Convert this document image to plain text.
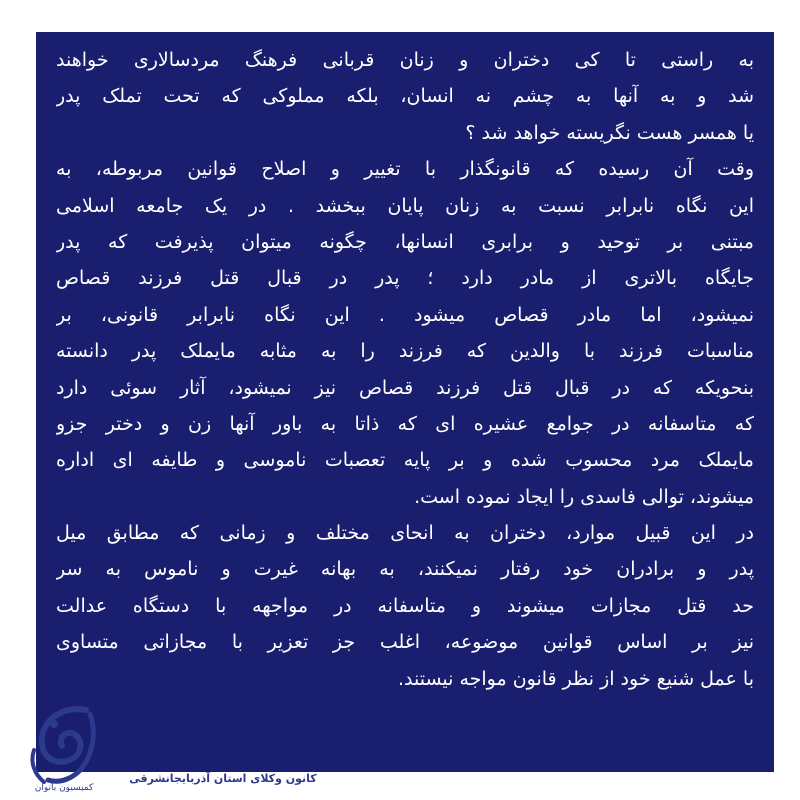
به راستی تا کی دختران و زنان قربانی فرهنگ مردسالاری خواهند
شد و به آنها به چشم نه انسان، بلکه مملوکی که تحت تملک پدر
یا همسر هست نگریسته خواهد شد ؟
وقت آن رسیده که قانونگذار با تغییر و اصلاح قوانین مربوطه، به
این نگاه نابرابر نسبت به زنان پایان ببخشد . در یک جامعه اسلامی
مبتنی بر توحید و برابری انسانها، چگونه میتوان پذیرفت که پدر
جایگاه بالاتری از مادر دارد ؛ پدر در قبال قتل فرزند قصاص
نمیشود، اما مادر قصاص میشود . این نگاه نابرابر قانونی، بر
مناسبات فرزند با والدین که فرزند را به مثابه مایملک پدر دانسته
بنحویکه که در قبال قتل فرزند قصاص نیز نمیشود، آثار سوئی دارد
که متاسفانه در جوامع عشیره ای که ذاتا به باور آنها زن و دختر جزو
مایملک مرد محسوب شده و بر پایه تعصبات ناموسی و طایفه ای اداره
میشوند، توالی فاسدی را ایجاد نموده است.
در این قبیل موارد، دختران به انحای مختلف و زمانی که مطابق میل
پدر و برادران خود رفتار نمیکنند، به بهانه غیرت و ناموس به سر
حد قتل مجازات میشوند و متاسفانه در مواجهه با دستگاه عدالت
نیز بر اساس قوانین موضوعه، اغلب جز تعزیر با مجازاتی متساوی
با عمل شنیع خود از نظر قانون مواجه نیستند.
کمیسیون بانوان
کانون وکلای استان آذربایجانشرقی
